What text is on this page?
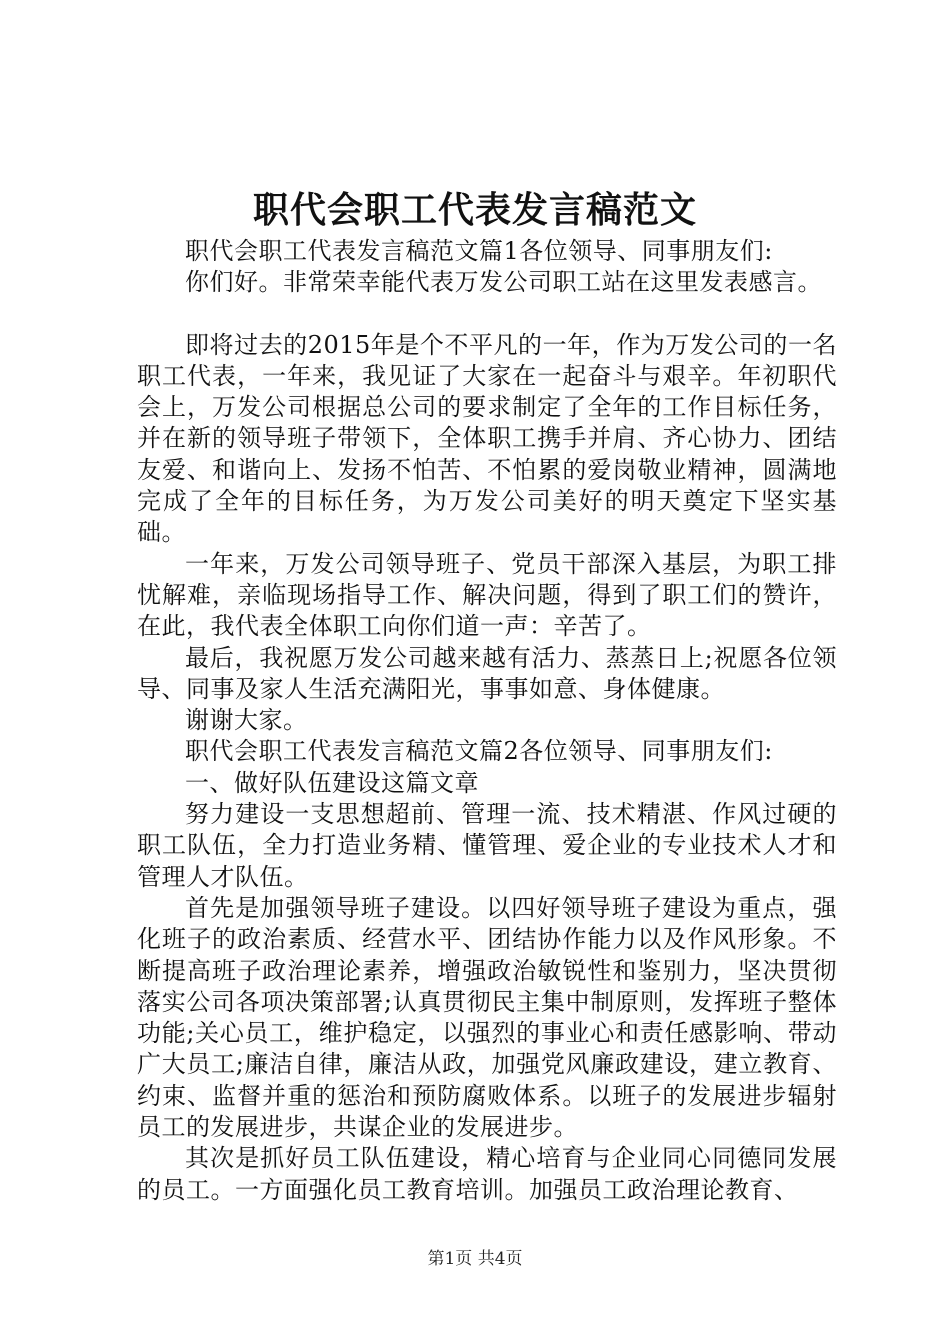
职代会职工代表发言稿范文

职代会职工代表发言稿范文篇1各位领导、同事朋友们:

你们好。非常荣幸能代表万发公司职工站在这里发表感言。

即将过去的2015年是个不平凡的一年，作为万发公司的一名职工代表，一年来，我见证了大家在一起奋斗与艰辛。年初职代会上，万发公司根据总公司的要求制定了全年的工作目标任务，并在新的领导班子带领下，全体职工携手并肩、齐心协力、团结友爱、和谐向上、发扬不怕苦、不怕累的爱岗敬业精神，圆满地完成了全年的目标任务，为万发公司美好的明天奠定下坚实基础。

一年来，万发公司领导班子、党员干部深入基层，为职工排忧解难，亲临现场指导工作、解决问题，得到了职工们的赞许，在此，我代表全体职工向你们道一声：辛苦了。

最后，我祝愿万发公司越来越有活力、蒸蒸日上;祝愿各位领导、同事及家人生活充满阳光，事事如意、身体健康。

谢谢大家。

职代会职工代表发言稿范文篇2各位领导、同事朋友们:

一、做好队伍建设这篇文章

努力建设一支思想超前、管理一流、技术精湛、作风过硬的职工队伍，全力打造业务精、懂管理、爱企业的专业技术人才和管理人才队伍。

首先是加强领导班子建设。以四好领导班子建设为重点，强化班子的政治素质、经营水平、团结协作能力以及作风形象。不断提高班子政治理论素养，增强政治敏锐性和鉴别力，坚决贯彻落实公司各项决策部署;认真贯彻民主集中制原则，发挥班子整体功能;关心员工，维护稳定，以强烈的事业心和责任感影响、带动广大员工;廉洁自律，廉洁从政，加强党风廉政建设，建立教育、约束、监督并重的惩治和预防腐败体系。以班子的发展进步辐射员工的发展进步，共谋企业的发展进步。

其次是抓好员工队伍建设，精心培育与企业同心同德同发展的员工。一方面强化员工教育培训。加强员工政治理论教育、

第1页 共4页
